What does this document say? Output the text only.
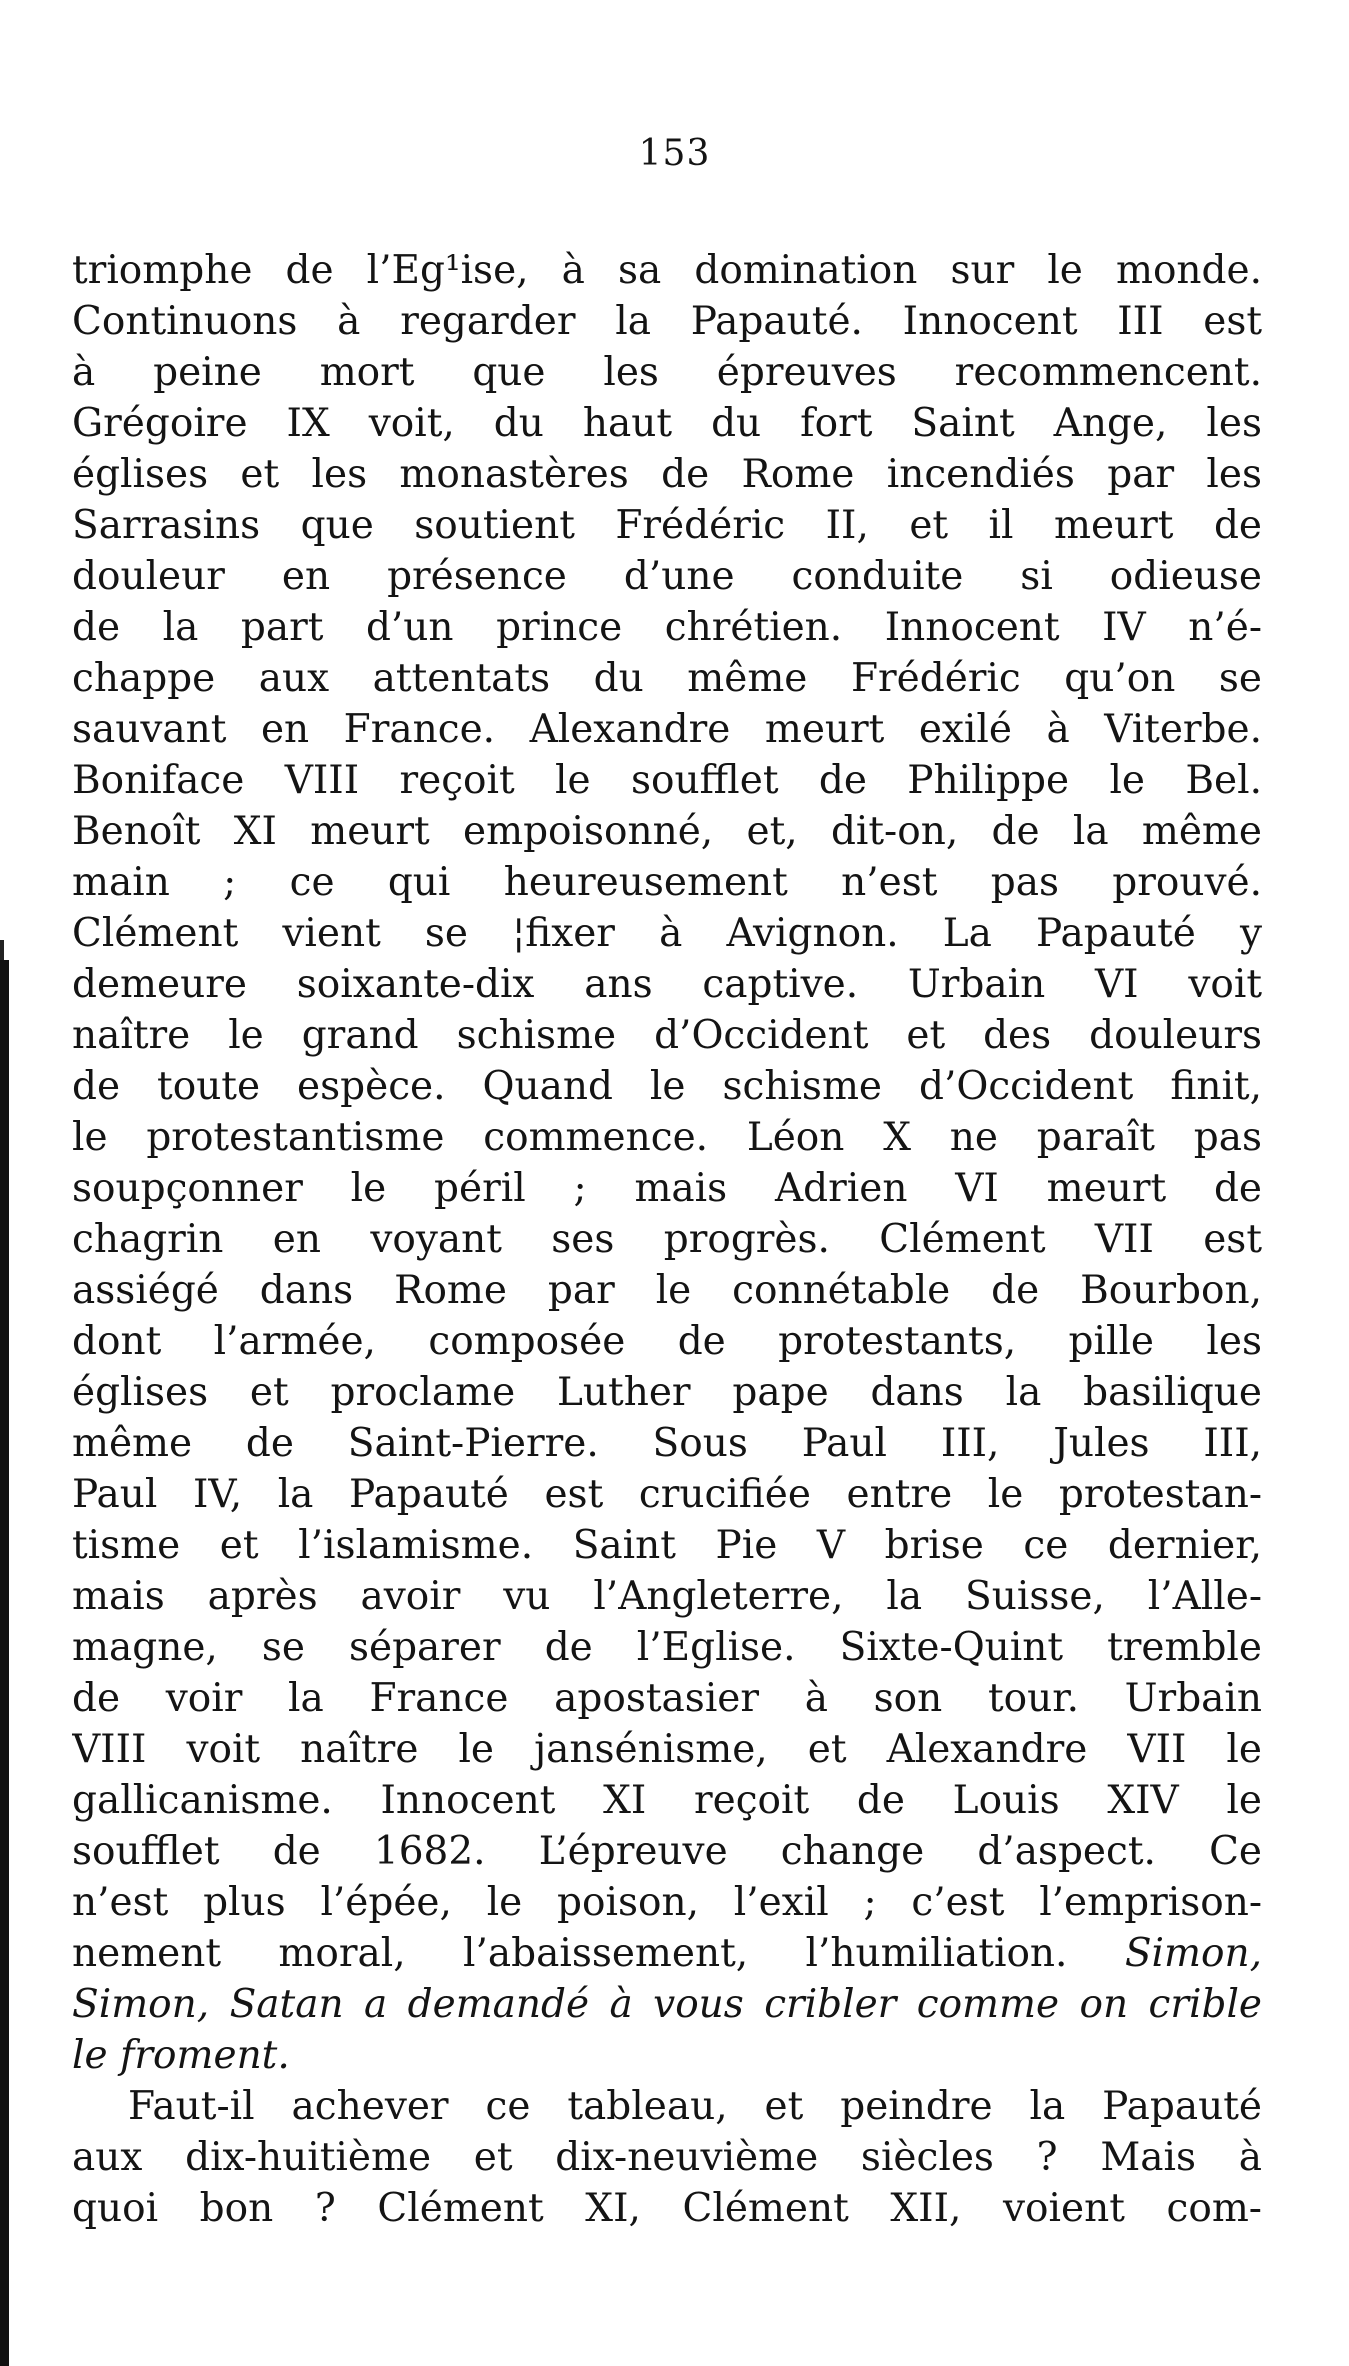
153
triomphe de l’Eg¹ise, à sa domination sur le monde.
Continuons à regarder la Papauté. Innocent III est
à peine mort que les épreuves recommencent.
Grégoire IX voit, du haut du fort Saint Ange, les
églises et les monastères de Rome incendiés par les
Sarrasins que soutient Frédéric II, et il meurt de
douleur en présence d’une conduite si odieuse
de la part d’un prince chrétien. Innocent IV n’é-
chappe aux attentats du même Frédéric qu’on se
sauvant en France. Alexandre meurt exilé à Viterbe.
Boniface VIII reçoit le soufflet de Philippe le Bel.
Benoît XI meurt empoisonné, et, dit-on, de la même
main ; ce qui heureusement n’est pas prouvé.
Clément vient se ¦fixer à Avignon. La Papauté y
demeure soixante-dix ans captive. Urbain VI voit
naître le grand schisme d’Occident et des douleurs
de toute espèce. Quand le schisme d’Occident finit,
le protestantisme commence. Léon X ne paraît pas
soupçonner le péril ; mais Adrien VI meurt de
chagrin en voyant ses progrès. Clément VII est
assiégé dans Rome par le connétable de Bourbon,
dont l’armée, composée de protestants, pille les
églises et proclame Luther pape dans la basilique
même de Saint-Pierre. Sous Paul III, Jules III,
Paul IV, la Papauté est crucifiée entre le protestan-
tisme et l’islamisme. Saint Pie V brise ce dernier,
mais après avoir vu l’Angleterre, la Suisse, l’Alle-
magne, se séparer de l’Eglise. Sixte-Quint tremble
de voir la France apostasier à son tour. Urbain
VIII voit naître le jansénisme, et Alexandre VII le
gallicanisme. Innocent XI reçoit de Louis XIV le
soufflet de 1682. L’épreuve change d’aspect. Ce
n’est plus l’épée, le poison, l’exil ; c’est l’emprison-
nement moral, l’abaissement, l’humiliation. Simon,
Simon, Satan a demandé à vous cribler comme on crible
le froment.
Faut-il achever ce tableau, et peindre la Papauté
aux dix-huitième et dix-neuvième siècles ? Mais à
quoi bon ? Clément XI, Clément XII, voient com-
